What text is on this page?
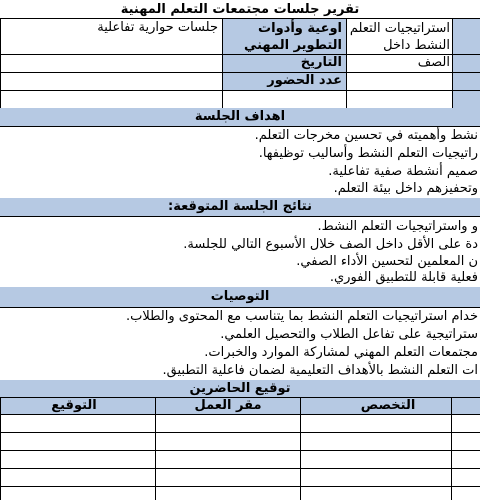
تقرير جلسات مجتمعات التعلم المهنية
استراتيجيات التعلم النشط داخل الصف
اوعية وأدوات التطوير المهني
جلسات حوارية تفاعلية
التاريخ
عدد الحضور
اهداف الجلسة
نشط وأهميته في تحسين مخرجات التعلم.
راتيجيات التعلم النشط وأساليب توظيفها.
صميم أنشطة صفية تفاعلية.
وتحفيزهم داخل بيئة التعلم.
نتائج الجلسة المتوقعة:
و واستراتيجيات التعلم النشط.
دة على الأقل داخل الصف خلال الأسبوع التالي للجلسة.
ن المعلمين لتحسين الأداء الصفي.
فعلية قابلة للتطبيق الفوري.
التوصيات
خدام استراتيجيات التعلم النشط بما يتناسب مع المحتوى والطلاب.
ستراتيجية على تفاعل الطلاب والتحصيل العلمي.
مجتمعات التعلم المهني لمشاركة الموارد والخبرات.
ات التعلم النشط بالأهداف التعليمية لضمان فاعلية التطبيق.
توقيع الحاضرين
التخصص
مقر العمل
التوقيع
